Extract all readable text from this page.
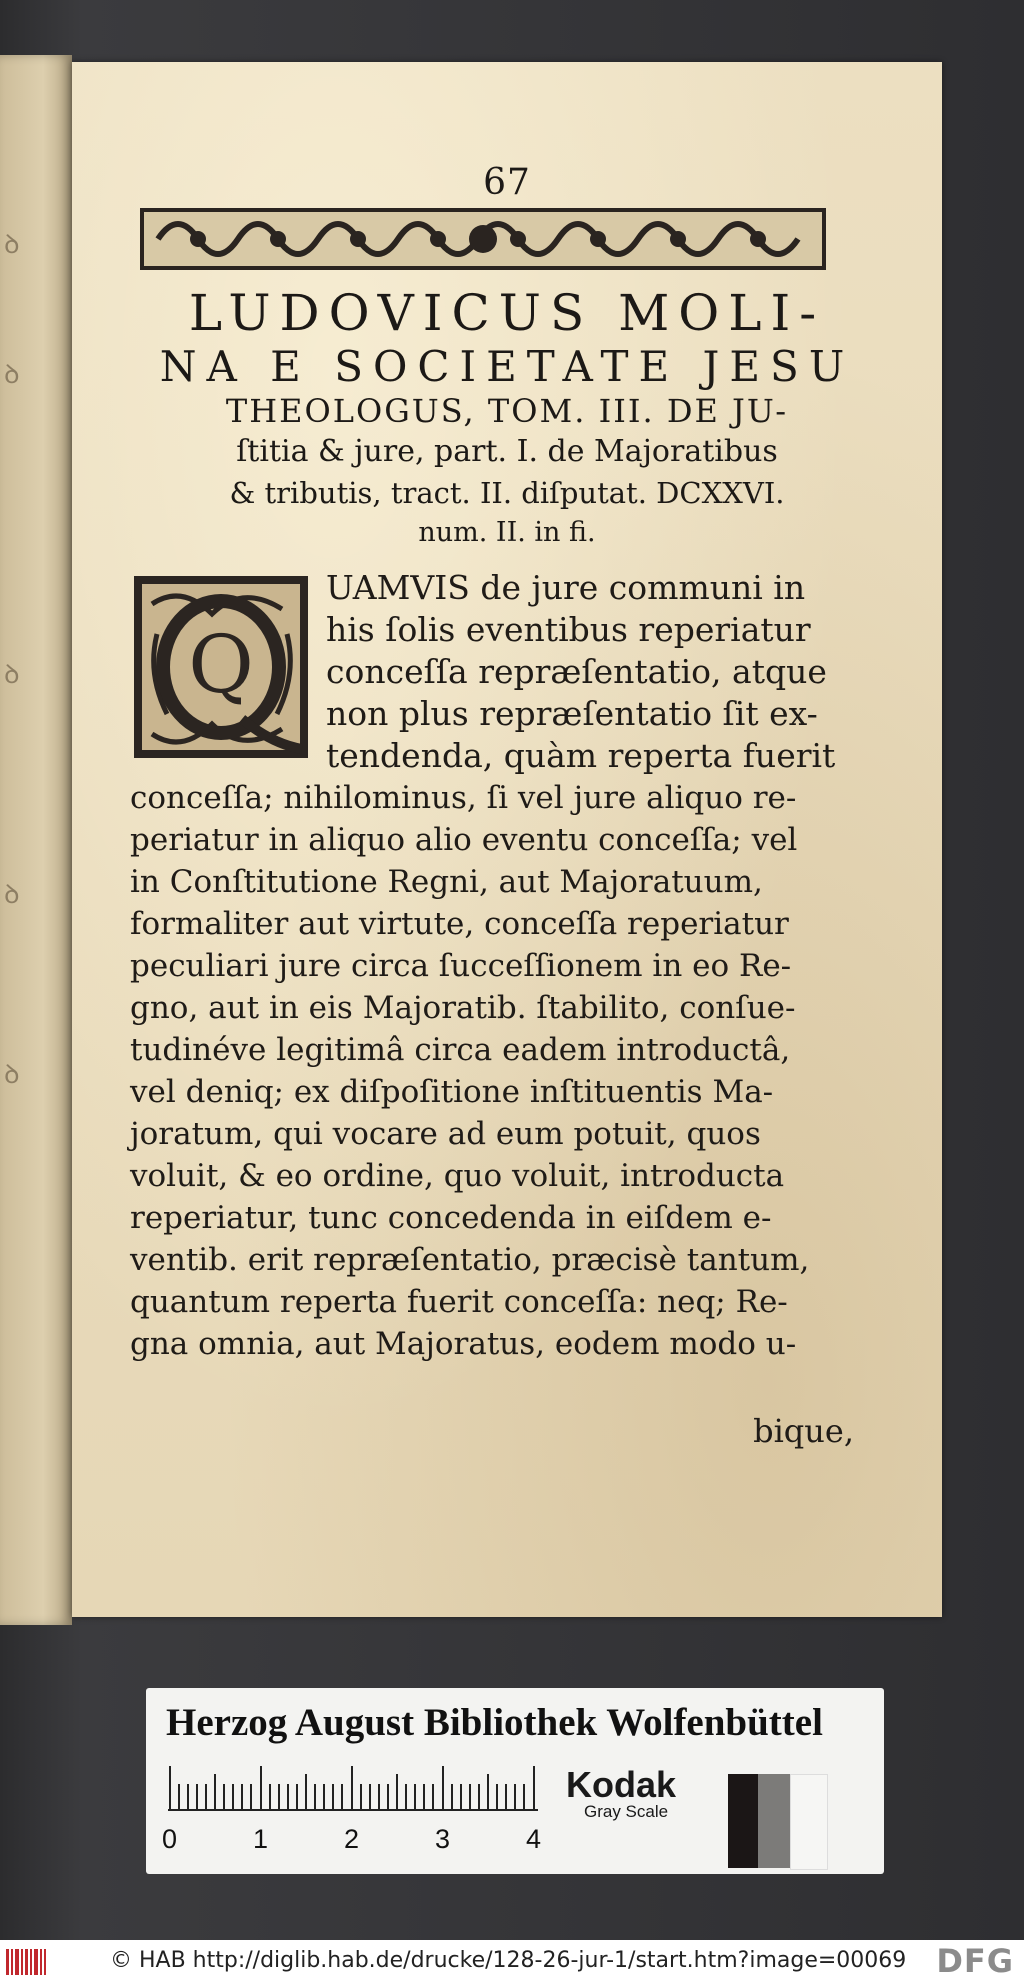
ꝺ
ꝺ
ꝺ
ꝺ
ꝺ
67
LUDOVICUS MOLI-
NA E SOCIETATE JESU
THEOLOGUS, TOM. III. DE JU-
ſtitia & jure, part. I. de Majoratibus
& tributis, tract. II. diſputat. DCXXVI.
num. II. in fi.
Q
UAMVIS de jure communi in
his ſolis eventibus reperiatur
conceſſa repræſentatio, atque
non plus repræſentatio ſit ex-
tendenda, quàm reperta fuerit
conceſſa; nihilominus, ſi vel jure aliquo re-
periatur in aliquo alio eventu conceſſa; vel
in Conſtitutione Regni, aut Majoratuum,
formaliter aut virtute, conceſſa reperiatur
peculiari jure circa ſucceſſionem in eo Re-
gno, aut in eis Majoratib. ſtabilito, conſue-
tudinéve legitimâ circa eadem introductâ,
vel deniq; ex diſpoſitione inſtituentis Ma-
joratum, qui vocare ad eum potuit, quos
voluit, & eo ordine, quo voluit, introducta
reperiatur, tunc concedenda in eiſdem e-
ventib. erit repræſentatio, præcisè tantum,
quantum reperta fuerit conceſſa: neq; Re-
gna omnia, aut Majoratus, eodem modo u-
bique,
Herzog August Bibliothek Wolfenbüttel
0	1	2	3	4
Kodak
Gray Scale
© HAB http://diglib.hab.de/drucke/128-26-jur-1/start.htm?image=00069 DFG
